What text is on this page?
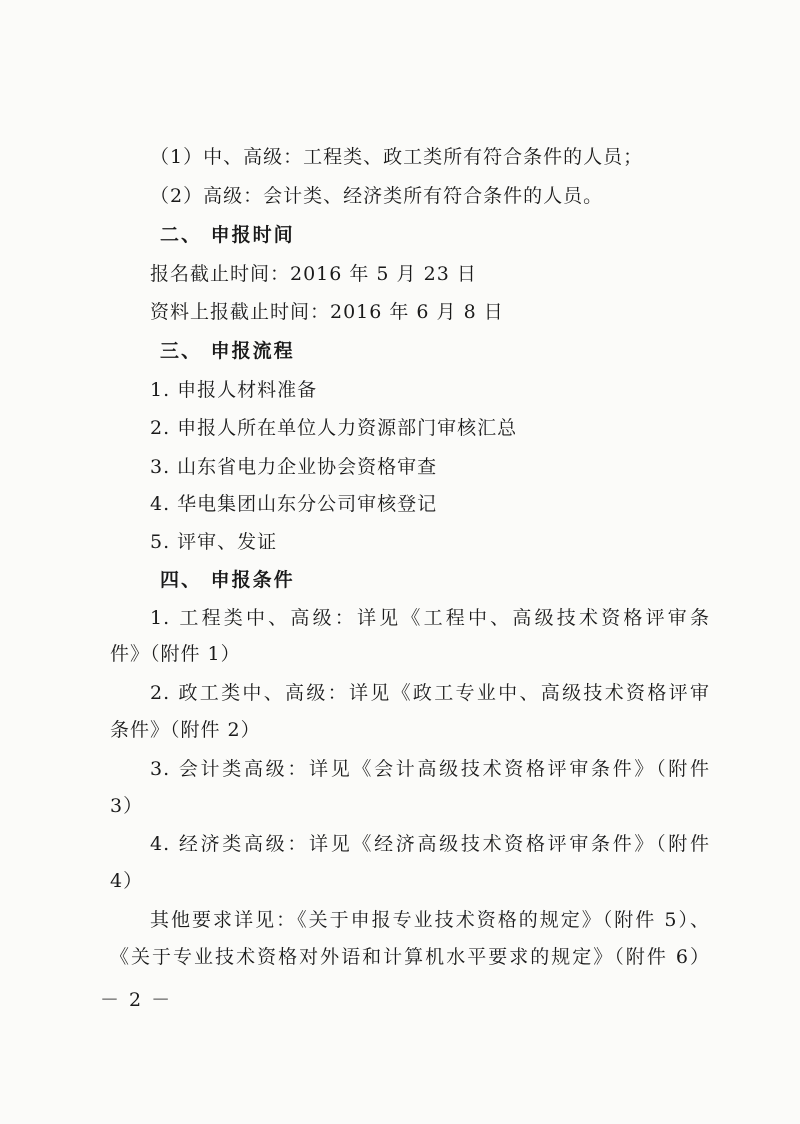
（1）中、高级：工程类、政工类所有符合条件的人员；
（2）高级：会计类、经济类所有符合条件的人员。
二、 申报时间
报名截止时间：2016 年 5 月 23 日
资料上报截止时间：2016 年 6 月 8 日
三、 申报流程
1. 申报人材料准备
2. 申报人所在单位人力资源部门审核汇总
3. 山东省电力企业协会资格审查
4. 华电集团山东分公司审核登记
5. 评审、发证
四、 申报条件
1. 工程类中、高级：详见《工程中、高级技术资格评审条
件》（附件 1）
2. 政工类中、高级：详见《政工专业中、高级技术资格评审
条件》（附件 2）
3. 会计类高级：详见《会计高级技术资格评审条件》（附件
3）
4. 经济类高级：详见《经济高级技术资格评审条件》（附件
4）
其他要求详见：《关于申报专业技术资格的规定》（附件 5）、
《关于专业技术资格对外语和计算机水平要求的规定》（附件 6）
－ 2 －
